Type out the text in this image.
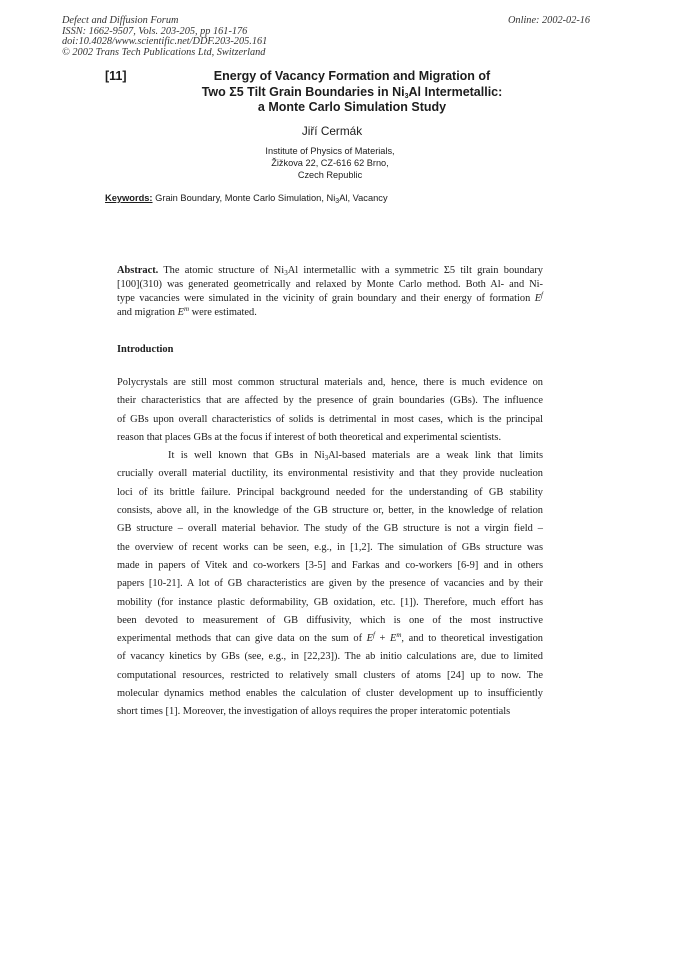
Defect and Diffusion Forum
ISSN: 1662-9507, Vols. 203-205, pp 161-176
doi:10.4028/www.scientific.net/DDF.203-205.161
© 2002 Trans Tech Publications Ltd, Switzerland
Online: 2002-02-16
[11]	Energy of Vacancy Formation and Migration of
Two Σ5 Tilt Grain Boundaries in $Ni_3Al$ Intermetallic:
a Monte Carlo Simulation Study
Jiří Cermák
Institute of Physics of Materials,
Žižkova 22, CZ-616 62 Brno,
Czech Republic
Keywords: Grain Boundary, Monte Carlo Simulation, $Ni_3Al$, Vacancy
Abstract. The atomic structure of $Ni_3Al$ intermetallic with a symmetric Σ5 tilt grain boundary
[100](310) was generated geometrically and relaxed by Monte Carlo method. Both Al- and Ni-
type vacancies were simulated in the vicinity of grain boundary and their energy of formation $E^f$
and migration $E^m$ were estimated.
Introduction
Polycrystals are still most common structural materials and, hence, there is much evidence on
their characteristics that are affected by the presence of grain boundaries (GBs). The influence
of GBs upon overall characteristics of solids is detrimental in most cases, which is the principal
reason that places GBs at the focus if interest of both theoretical and experimental scientists.
It is well known that GBs in $Ni_3Al$-based materials are a weak link that limits
crucially overall material ductility, its environmental resistivity and that they provide nucleation
loci of its brittle failure. Principal background needed for the understanding of GB stability
consists, above all, in the knowledge of the GB structure or, better, in the knowledge of relation
GB structure – overall material behavior. The study of the GB structure is not a virgin field –
the overview of recent works can be seen, e.g., in [1,2]. The simulation of GBs structure was
made in papers of Vitek and co-workers [3-5] and Farkas and co-workers [6-9] and in others
papers [10-21]. A lot of GB characteristics are given by the presence of vacancies and by their
mobility (for instance plastic deformability, GB oxidation, etc. [1]). Therefore, much effort has
been devoted to measurement of GB diffusivity, which is one of the most instructive
experimental methods that can give data on the sum of $E^f + E^m$, and to theoretical investigation
of vacancy kinetics by GBs (see, e.g., in [22,23]). The ab initio calculations are, due to limited
computational resources, restricted to relatively small clusters of atoms [24] up to now. The
molecular dynamics method enables the calculation of cluster development up to insufficiently
short times [1]. Moreover, the investigation of alloys requires the proper interatomic potentials
